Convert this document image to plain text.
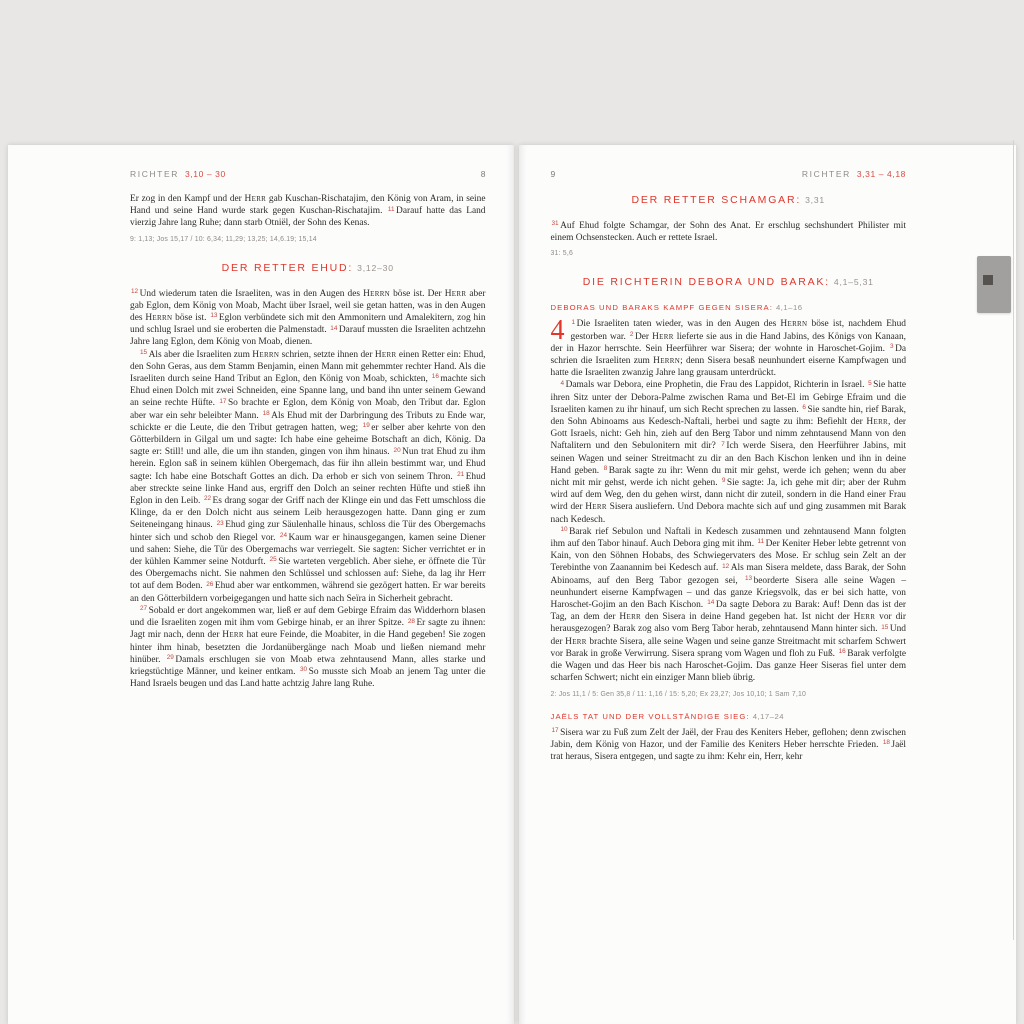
RICHTER 3,10 – 30	8
Er zog in den Kampf und der Herr gab Kuschan-Rischatajim, den König von Aram, in seine Hand und seine Hand wurde stark gegen Kuschan-Rischatajim. $^{11}$ Darauf hatte das Land vierzig Jahre lang Ruhe; dann starb Otniël, der Sohn des Kenas.
9: 1,13; Jos 15,17 / 10: 6,34; 11,29; 13,25; 14,6.19; 15,14
DER RETTER EHUD: 3,12–30
$^{12}$ Und wiederum taten die Israeliten, was in den Augen des Herrn böse ist. Der Herr aber gab Eglon, dem König von Moab, Macht über Israel, weil sie getan hatten, was in den Augen des Herrn böse ist. $^{13}$ Eglon verbündete sich mit den Ammonitern und Amalekitern, zog hin und schlug Israel und sie eroberten die Palmenstadt. $^{14}$ Darauf mussten die Israeliten achtzehn Jahre lang Eglon, dem König von Moab, dienen.
$^{15}$ Als aber die Israeliten zum Herrn schrien, setzte ihnen der Herr einen Retter ein: Ehud, den Sohn Geras, aus dem Stamm Benjamin, einen Mann mit gehemmter rechter Hand. Als die Israeliten durch seine Hand Tribut an Eglon, den König von Moab, schickten, $^{16}$ machte sich Ehud einen Dolch mit zwei Schneiden, eine Spanne lang, und band ihn unter seinem Gewand an seine rechte Hüfte. $^{17}$ So brachte er Eglon, dem König von Moab, den Tribut dar. Eglon aber war ein sehr beleibter Mann. $^{18}$ Als Ehud mit der Darbringung des Tributs zu Ende war, schickte er die Leute, die den Tribut getragen hatten, weg; $^{19}$ er selber aber kehrte von den Götterbildern in Gilgal um und sagte: Ich habe eine geheime Botschaft an dich, König. Da sagte er: Still! und alle, die um ihn standen, gingen von ihm hinaus. $^{20}$ Nun trat Ehud zu ihm herein. Eglon saß in seinem kühlen Obergemach, das für ihn allein bestimmt war, und Ehud sagte: Ich habe eine Botschaft Gottes an dich. Da erhob er sich von seinem Thron. $^{21}$ Ehud aber streckte seine linke Hand aus, ergriff den Dolch an seiner rechten Hüfte und stieß ihn Eglon in den Leib. $^{22}$ Es drang sogar der Griff nach der Klinge ein und das Fett umschloss die Klinge, da er den Dolch nicht aus seinem Leib herausgezogen hatte. Dann ging er zum Seiteneingang hinaus. $^{23}$ Ehud ging zur Säulenhalle hinaus, schloss die Tür des Obergemachs hinter sich und schob den Riegel vor. $^{24}$ Kaum war er hinausgegangen, kamen seine Diener und sahen: Siehe, die Tür des Obergemachs war verriegelt. Sie sagten: Sicher verrichtet er in der kühlen Kammer seine Notdurft. $^{25}$ Sie warteten vergeblich. Aber siehe, er öffnete die Tür des Obergemachs nicht. Sie nahmen den Schlüssel und schlossen auf: Siehe, da lag ihr Herr tot auf dem Boden. $^{26}$ Ehud aber war entkommen, während sie gezögert hatten. Er war bereits an den Götterbildern vorbeigegangen und hatte sich nach Seïra in Sicherheit gebracht.
$^{27}$ Sobald er dort angekommen war, ließ er auf dem Gebirge Efraim das Widderhorn blasen und die Israeliten zogen mit ihm vom Gebirge hinab, er an ihrer Spitze. $^{28}$ Er sagte zu ihnen: Jagt mir nach, denn der Herr hat eure Feinde, die Moabiter, in die Hand gegeben! Sie zogen hinter ihm hinab, besetzten die Jordanübergänge nach Moab und ließen niemand mehr hinüber. $^{29}$ Damals erschlugen sie von Moab etwa zehntausend Mann, alles starke und kriegstüchtige Männer, und keiner entkam. $^{30}$ So musste sich Moab an jenem Tag unter die Hand Israels beugen und das Land hatte achtzig Jahre lang Ruhe.
9	RICHTER 3,31 – 4,18
DER RETTER SCHAMGAR: 3,31
$^{31}$ Auf Ehud folgte Schamgar, der Sohn des Anat. Er erschlug sechshundert Philister mit einem Ochsenstecken. Auch er rettete Israel.
31: 5,6
DIE RICHTERIN DEBORA UND BARAK: 4,1–5,31
DEBORAS UND BARAKS KAMPF GEGEN SISERA: 4,1–16
4	$^1$ Die Israeliten taten wieder, was in den Augen des Herrn böse ist, nachdem Ehud gestorben war. $^2$ Der Herr lieferte sie aus in die Hand Jabins, des Königs von Kanaan, der in Hazor herrschte. Sein Heerführer war Sisera; der wohnte in Haroschet-Gojim. $^3$ Da schrien die Israeliten zum Herrn; denn Sisera besaß neunhundert eiserne Kampfwagen und hatte die Israeliten zwanzig Jahre lang grausam unterdrückt.
$^4$ Damals war Debora, eine Prophetin, die Frau des Lappidot, Richterin in Israel. $^5$ Sie hatte ihren Sitz unter der Debora-Palme zwischen Rama und Bet-El im Gebirge Efraim und die Israeliten kamen zu ihr hinauf, um sich Recht sprechen zu lassen. $^6$ Sie sandte hin, rief Barak, den Sohn Abinoams aus Kedesch-Naftali, herbei und sagte zu ihm: Befiehlt der Herr, der Gott Israels, nicht: Geh hin, zieh auf den Berg Tabor und nimm zehntausend Mann von den Naftalitern und den Sebulonitern mit dir? $^7$ Ich werde Sisera, den Heerführer Jabins, mit seinen Wagen und seiner Streitmacht zu dir an den Bach Kischon lenken und ihn in deine Hand geben. $^8$ Barak sagte zu ihr: Wenn du mit mir gehst, werde ich gehen; wenn du aber nicht mit mir gehst, werde ich nicht gehen. $^9$ Sie sagte: Ja, ich gehe mit dir; aber der Ruhm wird auf dem Weg, den du gehen wirst, dann nicht dir zuteil, sondern in die Hand einer Frau wird der Herr Sisera ausliefern. Und Debora machte sich auf und ging zusammen mit Barak nach Kedesch.
$^{10}$ Barak rief Sebulon und Naftali in Kedesch zusammen und zehntausend Mann folgten ihm auf den Tabor hinauf. Auch Debora ging mit ihm. $^{11}$ Der Keniter Heber lebte getrennt von Kain, von den Söhnen Hobabs, des Schwiegervaters des Mose. Er schlug sein Zelt an der Terebinthe von Zaanannim bei Kedesch auf. $^{12}$ Als man Sisera meldete, dass Barak, der Sohn Abinoams, auf den Berg Tabor gezogen sei, $^{13}$ beorderte Sisera alle seine Wagen – neunhundert eiserne Kampfwagen – und das ganze Kriegsvolk, das er bei sich hatte, von Haroschet-Gojim an den Bach Kischon. $^{14}$ Da sagte Debora zu Barak: Auf! Denn das ist der Tag, an dem der Herr den Sisera in deine Hand gegeben hat. Ist nicht der Herr vor dir herausgezogen? Barak zog also vom Berg Tabor herab, zehntausend Mann hinter sich. $^{15}$ Und der Herr brachte Sisera, alle seine Wagen und seine ganze Streitmacht mit scharfem Schwert vor Barak in große Verwirrung. Sisera sprang vom Wagen und floh zu Fuß. $^{16}$ Barak verfolgte die Wagen und das Heer bis nach Haroschet-Gojim. Das ganze Heer Siseras fiel unter dem scharfen Schwert; nicht ein einziger Mann blieb übrig.
2: Jos 11,1 / 5: Gen 35,8 / 11: 1,16 / 15: 5,20; Ex 23,27; Jos 10,10; 1 Sam 7,10
JAËLS TAT UND DER VOLLSTÄNDIGE SIEG: 4,17–24
$^{17}$ Sisera war zu Fuß zum Zelt der Jaël, der Frau des Keniters Heber, geflohen; denn zwischen Jabin, dem König von Hazor, und der Familie des Keniters Heber herrschte Frieden. $^{18}$ Jaël trat heraus, Sisera entgegen, und sagte zu ihm: Kehr ein, Herr, kehr
